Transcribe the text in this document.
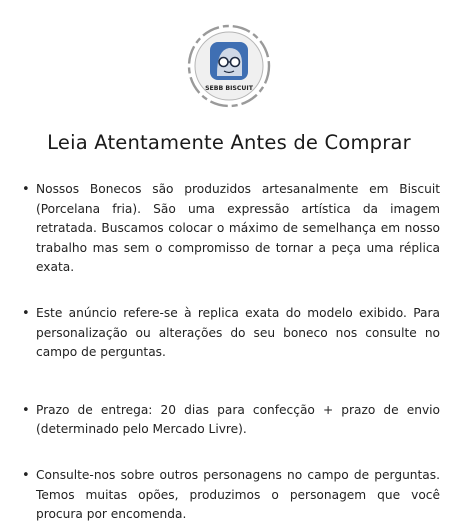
SEBB BISCUIT
Leia Atentamente Antes de Comprar
• Nossos Bonecos são produzidos artesanalmente em Biscuit (Porcelana fria). São uma expressão artística da imagem retratada. Buscamos colocar o máximo de semelhança em nosso trabalho mas sem o compromisso de tornar a peça uma réplica exata.
• Este anúncio refere-se à replica exata do modelo exibido. Para personalização ou alterações do seu boneco nos consulte no campo de perguntas.
• Prazo de entrega: 20 dias para confecção + prazo de envio (determinado pelo Mercado Livre).
• Consulte-nos sobre outros personagens no campo de perguntas. Temos muitas opões, produzimos o personagem que você procura por encomenda.
